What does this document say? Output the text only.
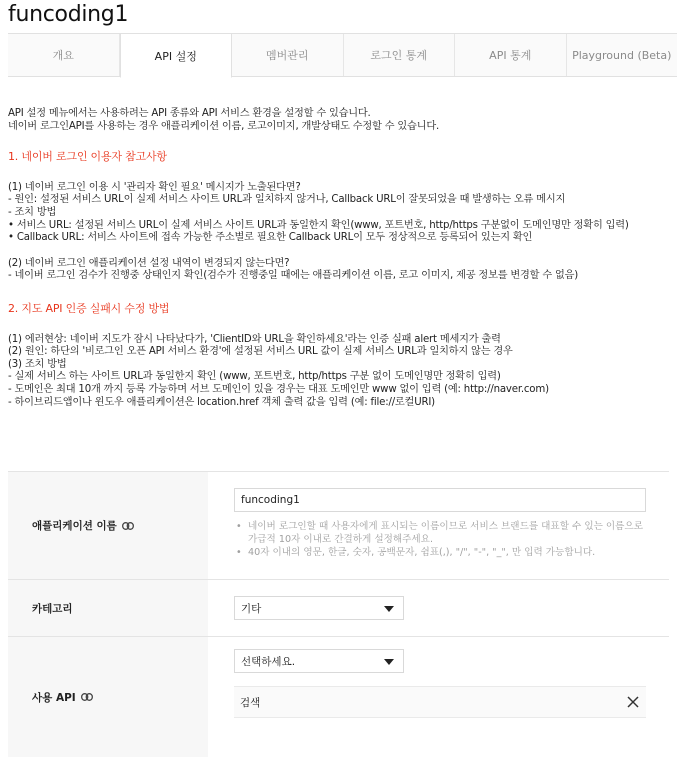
funcoding1
개요	API 설정	멤버관리	로그인 통계	API 통계	Playground (Beta)

API 설정 메뉴에서는 사용하려는 API 종류와 API 서비스 환경을 설정할 수 있습니다.

네이버 로그인API를 사용하는 경우 애플리케이션 이름, 로고이미지, 개발상태도 수정할 수 있습니다.

1. 네이버 로그인 이용자 참고사항

(1) 네이버 로그인 이용 시 '관리자 확인 필요' 메시지가 노출된다면?

- 원인: 설정된 서비스 URL이 실제 서비스 사이트 URL과 일치하지 않거나, Callback URL이 잘못되었을 때 발생하는 오류 메시지

- 조치 방법

• 서비스 URL: 설정된 서비스 URL이 실제 서비스 사이트 URL과 동일한지 확인(www, 포트번호, http/https 구분없이 도메인명만 정확히 입력)

• Callback URL: 서비스 사이트에 접속 가능한 주소별로 필요한 Callback URL이 모두 정상적으로 등록되어 있는지 확인

(2) 네이버 로그인 애플리케이션 설정 내역이 변경되지 않는다면?

- 네이버 로그인 검수가 진행중 상태인지 확인(검수가 진행중일 때에는 애플리케이션 이름, 로고 이미지, 제공 정보를 변경할 수 없음)

2. 지도 API 인증 실패시 수정 방법

(1) 에러현상: 네이버 지도가 잠시 나타났다가, 'ClientID와 URL을 확인하세요'라는 인증 실패 alert 메세지가 출력

(2) 원인: 하단의 '비로그인 오픈 API 서비스 환경'에 설정된 서비스 URL 값이 실제 서비스 URL과 일치하지 않는 경우

(3) 조치 방법

- 실제 서비스 하는 사이트 URL과 동일한지 확인 (www, 포트번호, http/https 구분 없이 도메인명만 정확히 입력)

- 도메인은 최대 10개 까지 등록 가능하며 서브 도메인이 있을 경우는 대표 도메인만 www 없이 입력 (예: http://naver.com)

- 하이브리드앱이나 윈도우 애플리케이션은 location.href 객체 출력 값을 입력 (예: file://로컬URI)

애플리케이션 이름
funcoding1
•	네이버 로그인할 때 사용자에게 표시되는 이름이므로 서비스 브랜드를 대표할 수 있는 이름으로 가급적 10자 이내로 간결하게 설정해주세요.
• 40자 이내의 영문, 한글, 숫자, 공백문자, 쉼표(,), "/", "-", "_", 만 입력 가능합니다.
카테고리	기타
사용 API
선택하세요.
검색
